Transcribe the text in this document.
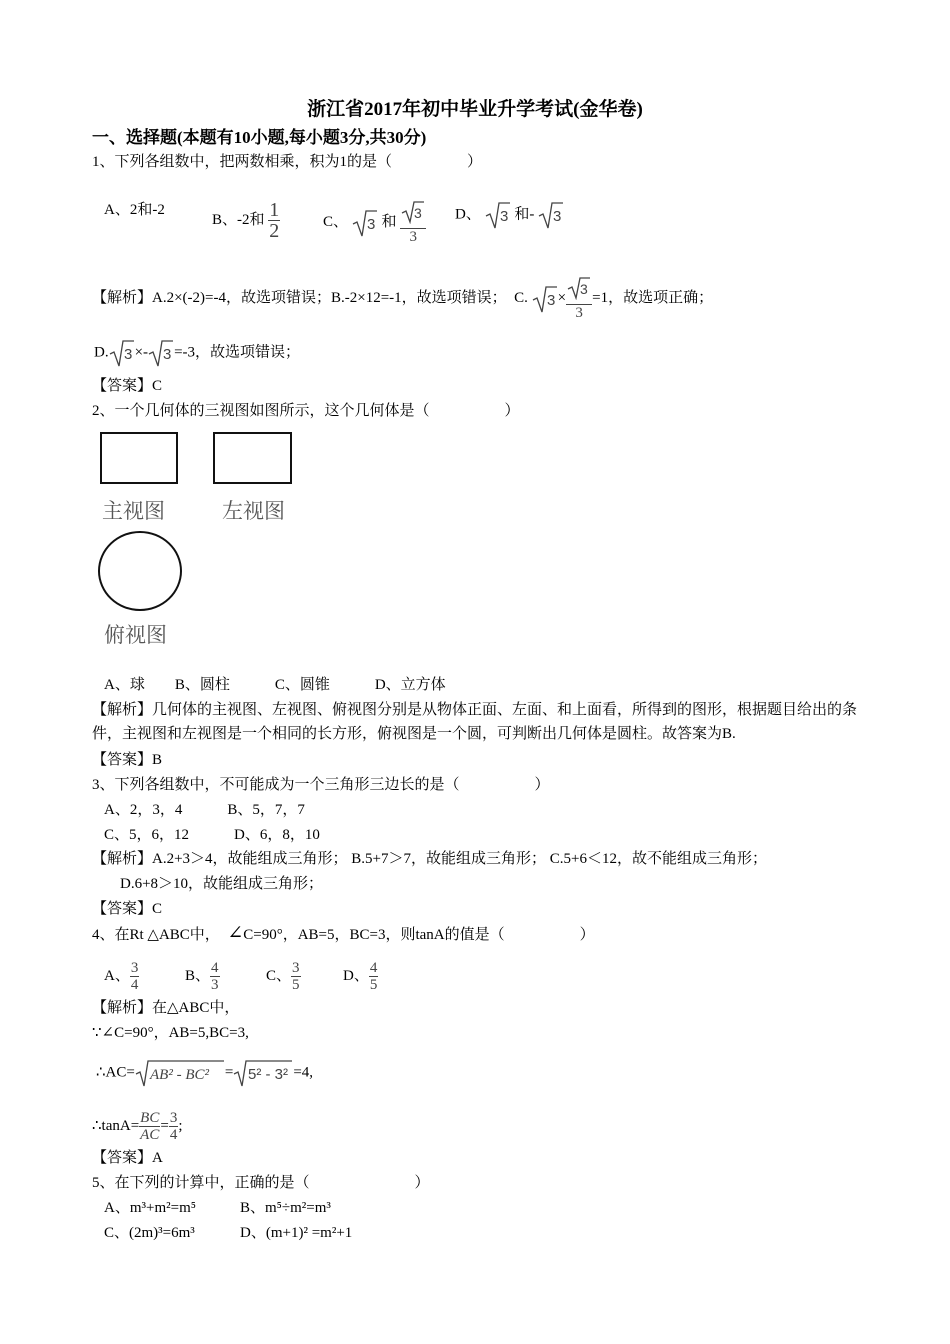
浙江省2017年初中毕业升学考试(金华卷)
一、选择题(本题有10小题,每小题3分,共30分)
1、下列各组数中，把两数相乘，积为1的是（　　　　　）
A、2和-2
B、-2和 $\frac{1}{2}$	C、 3 和 $\frac{3}{3}$ D、 3 和- 3
【解析】A.2×(-2)=-4，故选项错误；B.-2×12=-1，故选项错误；　C. $3 \times \frac{3}{3} =1$，故选项正确；
D. 3 ×- 3 =-3，故选项错误；
【答案】C
2、一个几何体的三视图如图所示，这个几何体是（　　　　　）
主视图	左视图
俯视图
A、球　　B、圆柱　　　C、圆锥　　　D、立方体
【解析】几何体的主视图、左视图、俯视图分别是从物体正面、左面、和上面看，所得到的图形，根据题目给出的条件，主视图和左视图是一个相同的长方形，俯视图是一个圆，可判断出几何体是圆柱。故答案为B.
【答案】B
3、下列各组数中，不可能成为一个三角形三边长的是（　　　　　）
A、2，3，4　　　B、5，7，7
C、5，6，12　　　D、6，8，10
【解析】A.2+3＞4，故能组成三角形； B.5+7＞7，故能组成三角形； C.5+6＜12，故不能组成三角形；
D.6+8＞10，故能组成三角形；
【答案】C
4、在Rt △ABC中， ∠C=90°，AB=5，BC=3，则tanA的值是（　　　　　）
A、 $\frac{3}{4}$	B、 $\frac{4}{3}$	C、 $\frac{3}{5}$	D、 $\frac{4}{5}$
【解析】在△ABC中，
∵∠C=90°，AB=5,BC=3,
∴AC= AB² - BC² = 5² - 3² =4,
∴tanA= $\frac{BC}{AC} = \frac{3}{4}$ ;
【答案】A
5、在下列的计算中，正确的是（　　　　　　　）
A、m³+m²=m⁵	B、m⁵÷m²=m³
C、(2m)³=6m³	D、(m+1)² =m²+1
